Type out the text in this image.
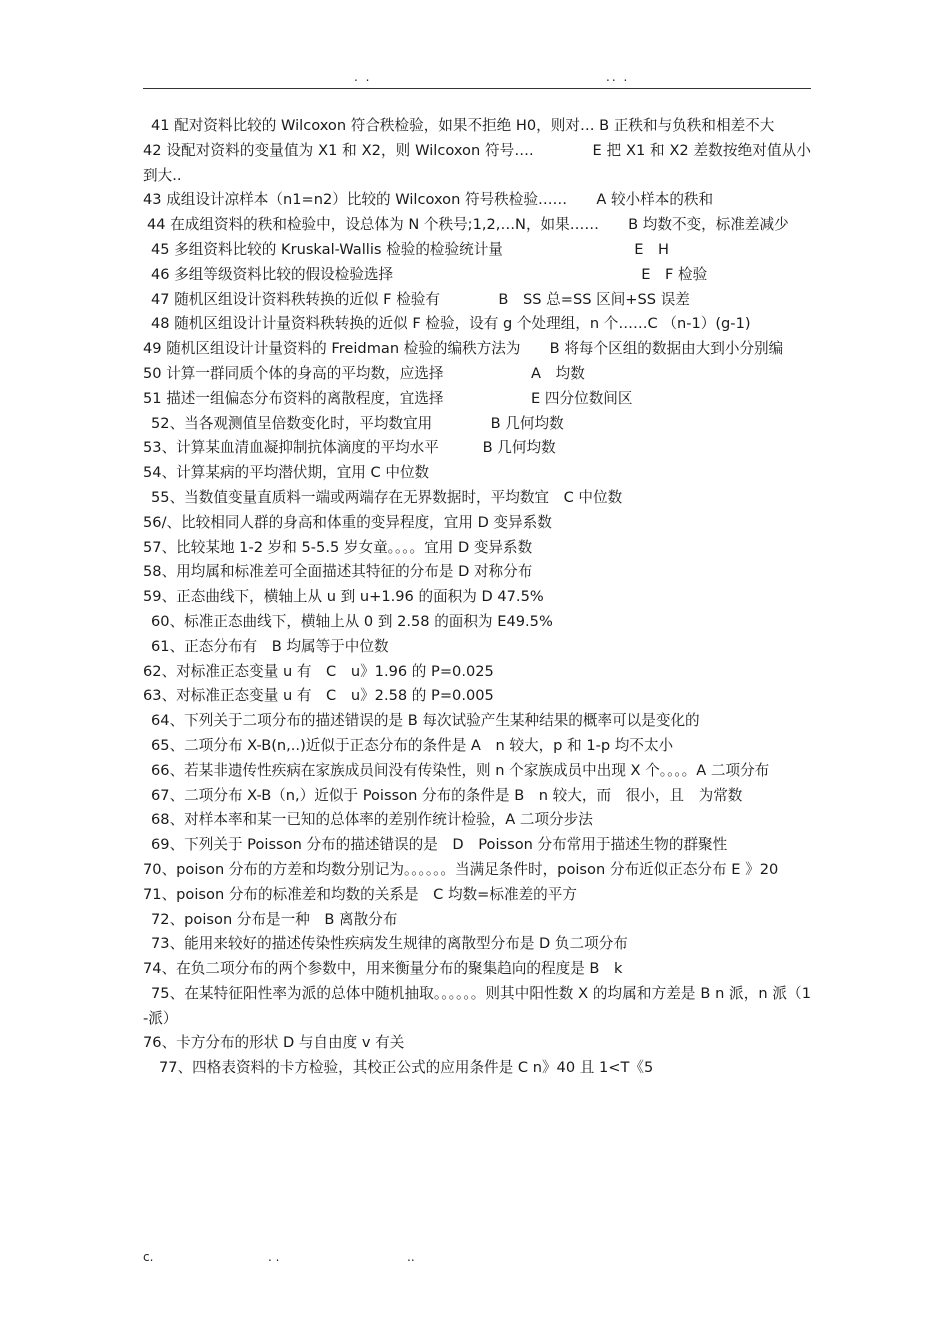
. .	.. .

41 配对资料比较的 Wilcoxon 符合秩检验，如果不拒绝 H0，则对… B 正秩和与负秩和相差不大

42 设配对资料的变量值为 X1 和 X2，则 Wilcoxon 符号….　　　　E 把 X1 和 X2 差数按绝对值从小到大..

43 成组设计凉样本（n1=n2）比较的 Wilcoxon 符号秩检验……　　A 较小样本的秩和

44 在成组资料的秩和检验中，设总体为 N 个秩号;1,2,…N，如果……　　B 均数不变，标准差减少

45 多组资料比较的 Kruskal-Wallis 检验的检验统计量　　　　　　　　　E　H

46 多组等级资料比较的假设检验选择　　　　　　　　　　　　　　　　　E　F 检验

47 随机区组设计资料秩转换的近似 F 检验有　　　　B　SS 总=SS 区间+SS 误差

48 随机区组设计计量资料秩转换的近似 F 检验，设有 g 个处理组，n 个……C （n-1）(g-1)

49 随机区组设计计量资料的 Freidman 检验的编秩方法为　　B 将每个区组的数据由大到小分别编

50 计算一群同质个体的身高的平均数，应选择　　　　　　A　均数

51 描述一组偏态分布资料的离散程度，宜选择　　　　　　E 四分位数间区

52、当各观测值呈倍数变化时，平均数宜用　　　　B 几何均数

53、计算某血清血凝抑制抗体滴度的平均水平　　　B 几何均数

54、计算某病的平均潜伏期，宜用 C 中位数

55、当数值变量直质料一端或两端存在无界数据时，平均数宜　C 中位数

56/、比较相同人群的身高和体重的变异程度，宜用 D 变异系数

57、比较某地 1-2 岁和 5-5.5 岁女童。。。。宜用 D 变异系数

58、用均属和标准差可全面描述其特征的分布是 D 对称分布

59、正态曲线下，横轴上从 u 到 u+1.96 的面积为 D 47.5%

60、标准正态曲线下，横轴上从 0 到 2.58 的面积为 E49.5%

61、正态分布有　B 均属等于中位数

62、对标准正态变量 u 有　C　u》1.96 的 P=0.025

63、对标准正态变量 u 有　C　u》2.58 的 P=0.005

64、下列关于二项分布的描述错误的是 B 每次试验产生某种结果的概率可以是变化的

65、二项分布 X-B(n,..)近似于正态分布的条件是 A　n 较大，p 和 1-p 均不太小

66、若某非遗传性疾病在家族成员间没有传染性，则 n 个家族成员中出现 X 个。。。。A 二项分布

67、二项分布 X-B（n,）近似于 Poisson 分布的条件是 B　n 较大，而　很小，且　为常数

68、对样本率和某一已知的总体率的差别作统计检验，A 二项分步法

69、下列关于 Poisson 分布的描述错误的是　D　Poisson 分布常用于描述生物的群聚性

70、poison 分布的方差和均数分别记为。。。。。。当满足条件时，poison 分布近似正态分布 E 》20

71、poison 分布的标准差和均数的关系是　C 均数=标准差的平方

72、poison 分布是一种　B 离散分布

73、能用来较好的描述传染性疾病发生规律的离散型分布是 D 负二项分布

74、在负二项分布的两个参数中，用来衡量分布的聚集趋向的程度是 B　k

75、在某特征阳性率为派的总体中随机抽取。。。。。。则其中阳性数 X 的均属和方差是 B n 派，n 派（1-派）

76、卡方分布的形状 D 与自由度 v 有关

77、四格表资料的卡方检验，其校正公式的应用条件是 C n》40 且 1<T《5

c.	. .	..
